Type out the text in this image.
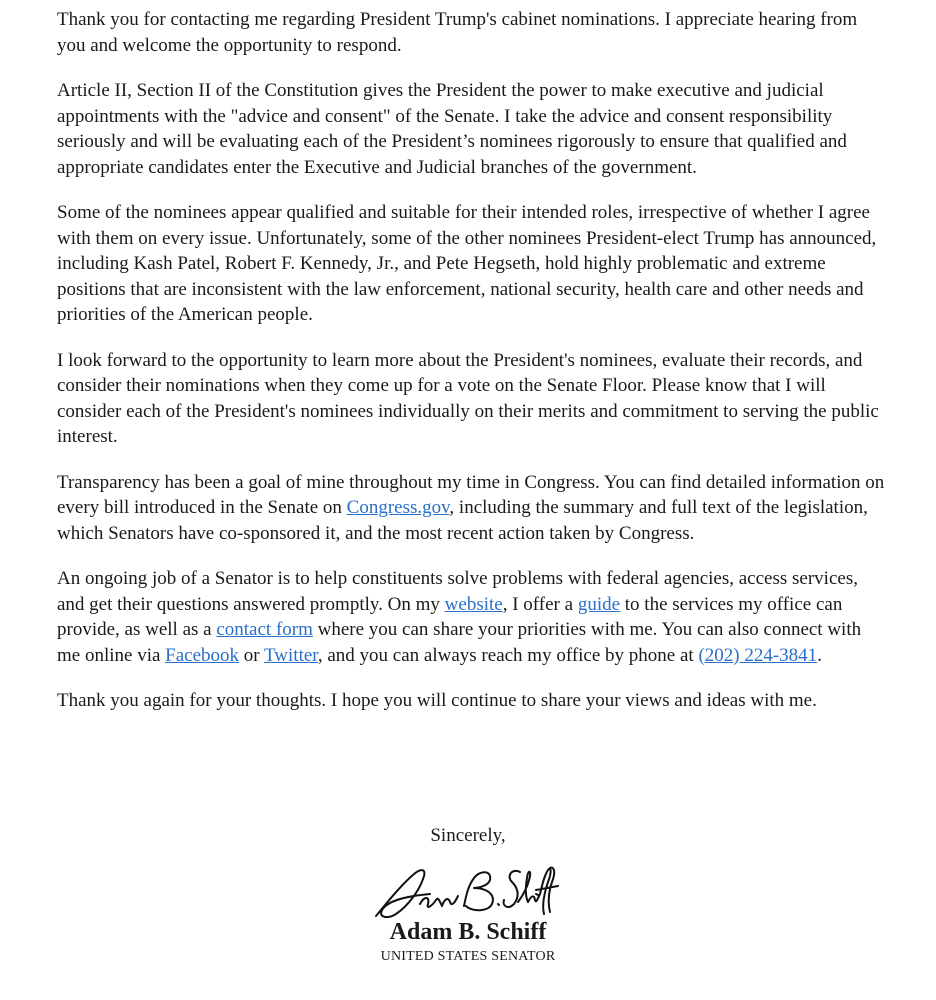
Thank you for contacting me regarding President Trump's cabinet nominations. I appreciate hearing from you and welcome the opportunity to respond.

Article II, Section II of the Constitution gives the President the power to make executive and judicial appointments with the "advice and consent" of the Senate. I take the advice and consent responsibility seriously and will be evaluating each of the President’s nominees rigorously to ensure that qualified and appropriate candidates enter the Executive and Judicial branches of the government.

Some of the nominees appear qualified and suitable for their intended roles, irrespective of whether I agree with them on every issue. Unfortunately, some of the other nominees President-elect Trump has announced, including Kash Patel, Robert F. Kennedy, Jr., and Pete Hegseth, hold highly problematic and extreme positions that are inconsistent with the law enforcement, national security, health care and other needs and priorities of the American people.

I look forward to the opportunity to learn more about the President's nominees, evaluate their records, and consider their nominations when they come up for a vote on the Senate Floor. Please know that I will consider each of the President's nominees individually on their merits and commitment to serving the public interest.

Transparency has been a goal of mine throughout my time in Congress. You can find detailed information on every bill introduced in the Senate on Congress.gov, including the summary and full text of the legislation, which Senators have co-sponsored it, and the most recent action taken by Congress.

An ongoing job of a Senator is to help constituents solve problems with federal agencies, access services, and get their questions answered promptly. On my website, I offer a guide to the services my office can provide, as well as a contact form where you can share your priorities with me. You can also connect with me online via Facebook or Twitter, and you can always reach my office by phone at (202) 224-3841.

Thank you again for your thoughts. I hope you will continue to share your views and ideas with me.

Sincerely,
Adam B. Schiff
UNITED STATES SENATOR
